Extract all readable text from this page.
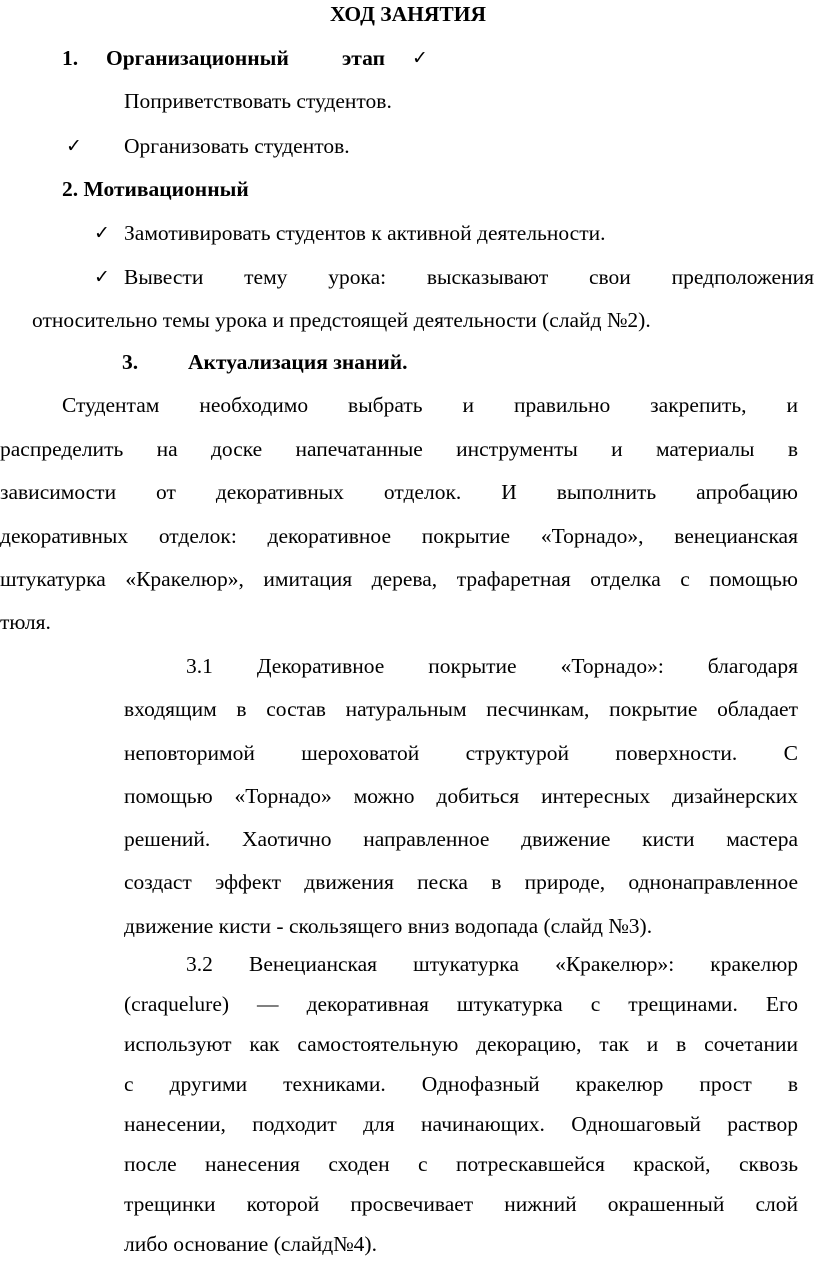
ХОД ЗАНЯТИЯ
1. Организационный этап ✓
Поприветствовать студентов.
✓ Организовать студентов.
2. Мотивационный
✓ Замотивировать студентов к активной деятельности.
✓ Вывести тему урока: высказывают свои предположения
относительно темы урока и предстоящей деятельности (слайд №2).
3. Актуализация знаний.
Студентам необходимо выбрать и правильно закрепить, и
распределить на доске напечатанные инструменты и материалы в
зависимости от декоративных отделок. И выполнить апробацию
декоративных отделок: декоративное покрытие «Торнадо», венецианская
штукатурка «Кракелюр», имитация дерева, трафаретная отделка с помощью
тюля.
3.1 Декоративное покрытие «Торнадо»: благодаря
входящим в состав натуральным песчинкам, покрытие обладает
неповторимой шероховатой структурой поверхности. С
помощью «Торнадо» можно добиться интересных дизайнерских
решений. Хаотично направленное движение кисти мастера
создаст эффект движения песка в природе, однонаправленное
движение кисти - скользящего вниз водопада (слайд №3).
3.2 Венецианская штукатурка «Кракелюр»: кракелюр
(craquelure) — декоративная штукатурка с трещинами. Его
используют как самостоятельную декорацию, так и в сочетании
с другими техниками. Однофазный кракелюр прост в
нанесении, подходит для начинающих. Одношаговый раствор
после нанесения сходен с потрескавшейся краской, сквозь
трещинки которой просвечивает нижний окрашенный слой
либо основание (слайд№4).
